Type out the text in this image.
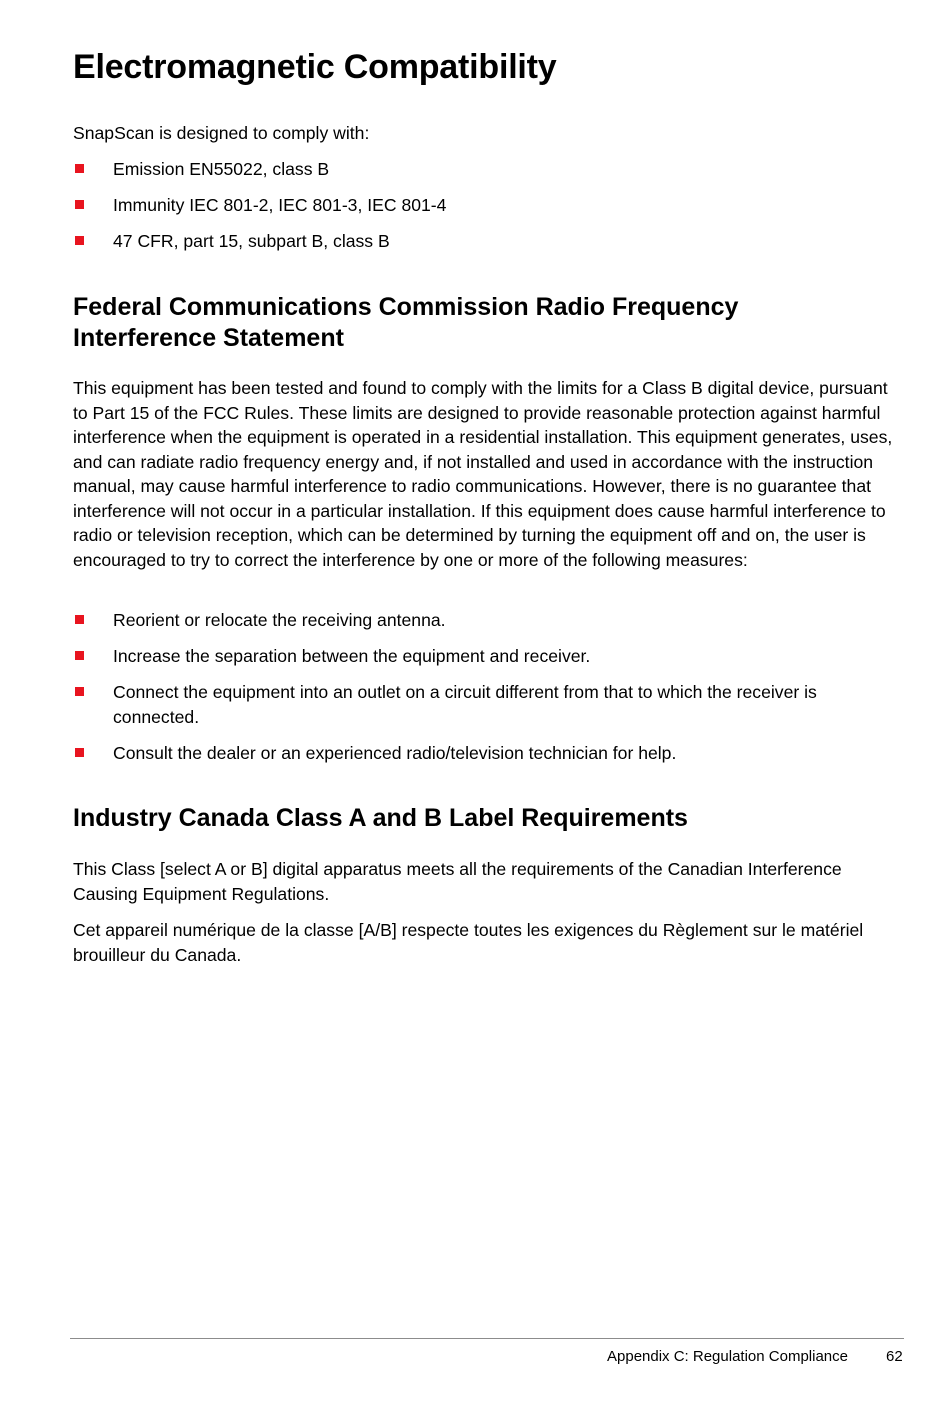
Electromagnetic Compatibility

SnapScan is designed to comply with:

Emission EN55022, class B
Immunity IEC 801-2, IEC 801-3, IEC 801-4
47 CFR, part 15, subpart B, class B
Federal Communications Commission Radio Frequency Interference Statement

This equipment has been tested and found to comply with the limits for a Class B digital device, pursuant to Part 15 of the FCC Rules. These limits are designed to provide reasonable protection against harmful interference when the equipment is operated in a residential installation. This equipment generates, uses, and can radiate radio frequency energy and, if not installed and used in accordance with the instruction manual, may cause harmful interference to radio communications. However, there is no guarantee that interference will not occur in a particular installation. If this equipment does cause harmful interference to radio or television reception, which can be determined by turning the equipment off and on, the user is encouraged to try to correct the interference by one or more of the following measures:

Reorient or relocate the receiving antenna.
Increase the separation between the equipment and receiver.
Connect the equipment into an outlet on a circuit different from that to which the receiver is connected.
Consult the dealer or an experienced radio/television technician for help.
Industry Canada Class A and B Label Requirements

This Class [select A or B] digital apparatus meets all the requirements of the Canadian Interference Causing Equipment Regulations.

Cet appareil numérique de la classe [A/B] respecte toutes les exigences du Règlement sur le matériel brouilleur du Canada.

Appendix C: Regulation Compliance	62
